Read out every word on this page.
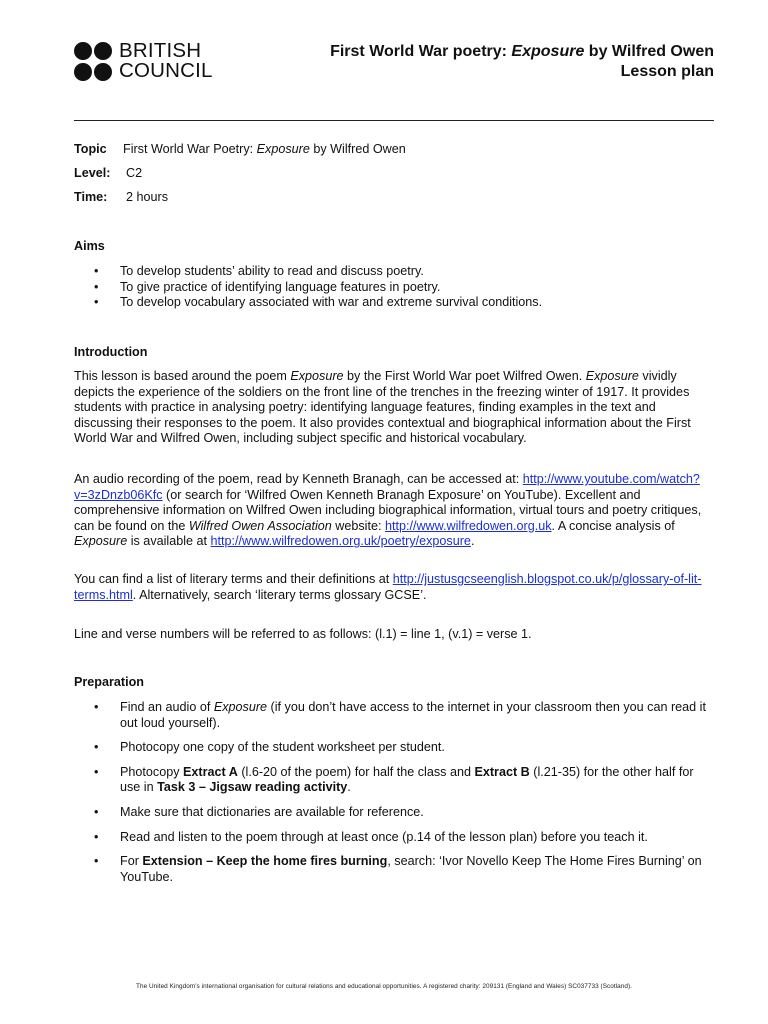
BRITISH
COUNCIL
First World War poetry: Exposure by Wilfred Owen
Lesson plan
Topic First World War Poetry: Exposure by Wilfred Owen
Level: C2
Time: 2 hours
Aims
• To develop students’ ability to read and discuss poetry.
• To give practice of identifying language features in poetry.
• To develop vocabulary associated with war and extreme survival conditions.
Introduction

This lesson is based around the poem Exposure by the First World War poet Wilfred Owen. Exposure vividly depicts the experience of the soldiers on the front line of the trenches in the freezing winter of 1917. It provides students with practice in analysing poetry: identifying language features, finding examples in the text and discussing their responses to the poem. It also provides contextual and biographical information about the First World War and Wilfred Owen, including subject specific and historical vocabulary.

An audio recording of the poem, read by Kenneth Branagh, can be accessed at: http://www.youtube.com/watch?v=3zDnzb06Kfc (or search for ‘Wilfred Owen Kenneth Branagh Exposure’ on YouTube). Excellent and comprehensive information on Wilfred Owen including biographical information, virtual tours and poetry critiques, can be found on the Wilfred Owen Association website: http://www.wilfredowen.org.uk. A concise analysis of Exposure is available at http://www.wilfredowen.org.uk/poetry/exposure.

You can find a list of literary terms and their definitions at http://justusgcseenglish.blogspot.co.uk/p/glossary-of-lit-terms.html. Alternatively, search ‘literary terms glossary GCSE’.

Line and verse numbers will be referred to as follows: (l.1) = line 1, (v.1) = verse 1.
Preparation
• Find an audio of Exposure (if you don’t have access to the internet in your classroom then you can read it out loud yourself).
• Photocopy one copy of the student worksheet per student.
• Photocopy Extract A (l.6-20 of the poem) for half the class and Extract B (l.21-35) for the other half for use in Task 3 – Jigsaw reading activity.
• Make sure that dictionaries are available for reference.
• Read and listen to the poem through at least once (p.14 of the lesson plan) before you teach it.
• For Extension – Keep the home fires burning, search: ‘Ivor Novello Keep The Home Fires Burning’ on YouTube.
The United Kingdom’s international organisation for cultural relations and educational opportunities. A registered charity: 209131 (England and Wales) SC037733 (Scotland).
